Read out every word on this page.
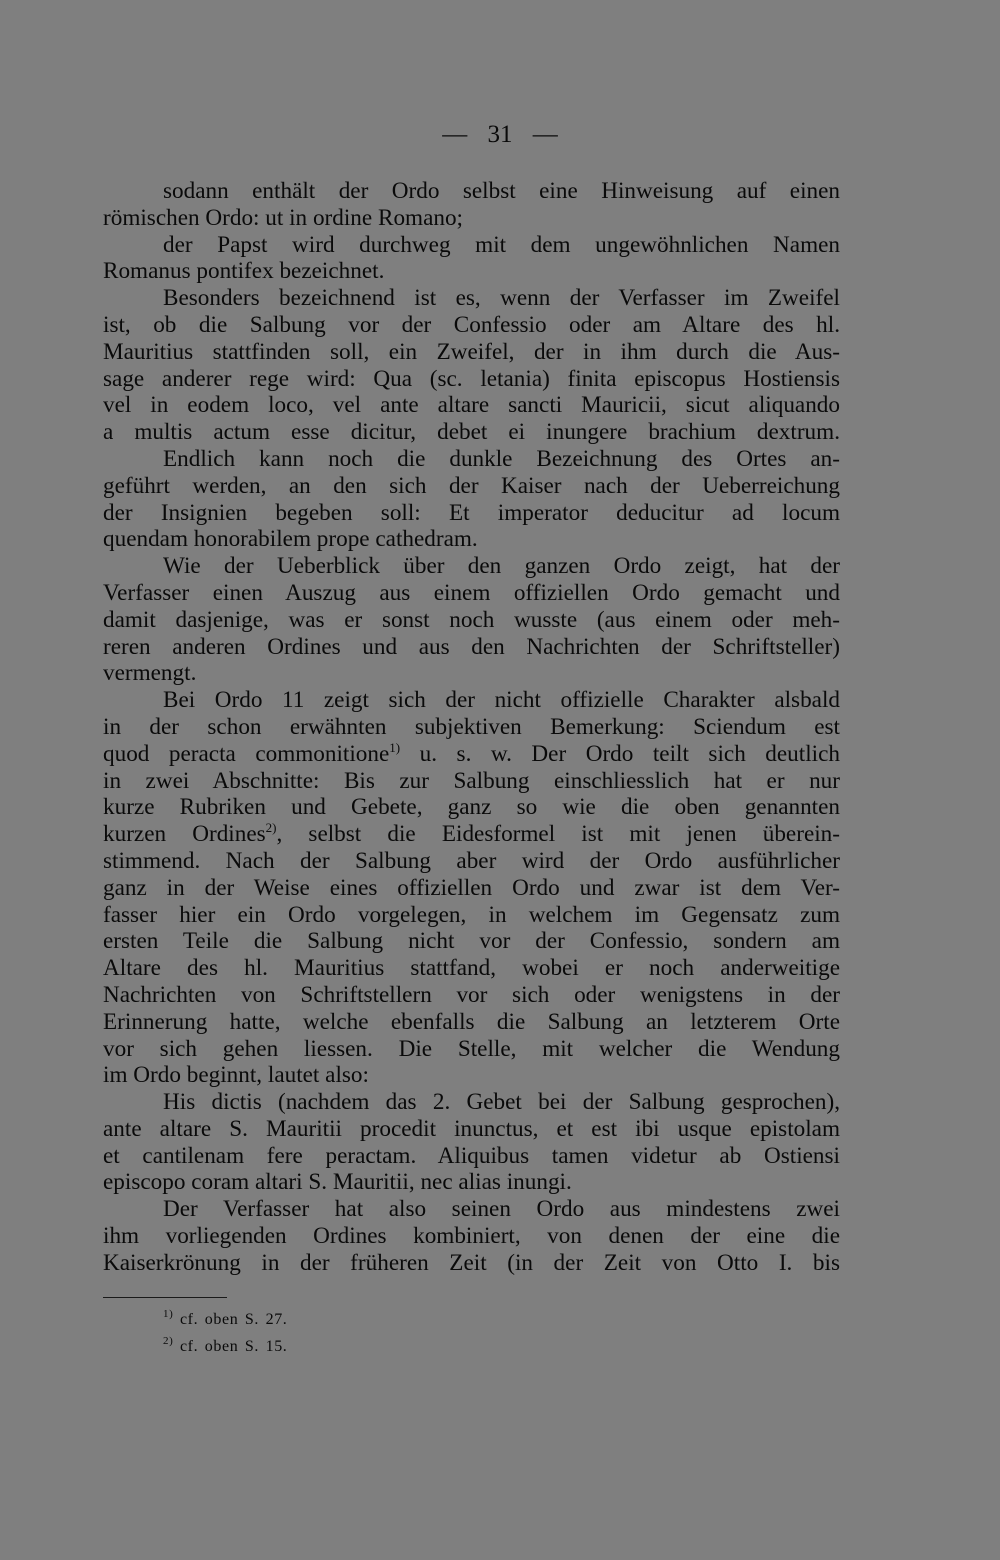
— 31 —
sodann enthält der Ordo selbst eine Hinweisung auf einen
römischen Ordo: ut in ordine Romano;
der Papst wird durchweg mit dem ungewöhnlichen Namen
Romanus pontifex bezeichnet.
Besonders bezeichnend ist es, wenn der Verfasser im Zweifel
ist, ob die Salbung vor der Confessio oder am Altare des hl.
Mauritius stattfinden soll, ein Zweifel, der in ihm durch die Aus-
sage anderer rege wird: Qua (sc. letania) finita episcopus Hostiensis
vel in eodem loco, vel ante altare sancti Mauricii, sicut aliquando
a multis actum esse dicitur, debet ei inungere brachium dextrum.
Endlich kann noch die dunkle Bezeichnung des Ortes an-
geführt werden, an den sich der Kaiser nach der Ueberreichung
der Insignien begeben soll: Et imperator deducitur ad locum
quendam honorabilem prope cathedram.
Wie der Ueberblick über den ganzen Ordo zeigt, hat der
Verfasser einen Auszug aus einem offiziellen Ordo gemacht und
damit dasjenige, was er sonst noch wusste (aus einem oder meh-
reren anderen Ordines und aus den Nachrichten der Schriftsteller)
vermengt.
Bei Ordo 11 zeigt sich der nicht offizielle Charakter alsbald
in der schon erwähnten subjektiven Bemerkung: Sciendum est
quod peracta commonitione$^{1)}$ u. s. w. Der Ordo teilt sich deutlich
in zwei Abschnitte: Bis zur Salbung einschliesslich hat er nur
kurze Rubriken und Gebete, ganz so wie die oben genannten
kurzen Ordines$^{2)}$, selbst die Eidesformel ist mit jenen überein-
stimmend. Nach der Salbung aber wird der Ordo ausführlicher
ganz in der Weise eines offiziellen Ordo und zwar ist dem Ver-
fasser hier ein Ordo vorgelegen, in welchem im Gegensatz zum
ersten Teile die Salbung nicht vor der Confessio, sondern am
Altare des hl. Mauritius stattfand, wobei er noch anderweitige
Nachrichten von Schriftstellern vor sich oder wenigstens in der
Erinnerung hatte, welche ebenfalls die Salbung an letzterem Orte
vor sich gehen liessen. Die Stelle, mit welcher die Wendung
im Ordo beginnt, lautet also:
His dictis (nachdem das 2. Gebet bei der Salbung gesprochen),
ante altare S. Mauritii procedit inunctus, et est ibi usque epistolam
et cantilenam fere peractam. Aliquibus tamen videtur ab Ostiensi
episcopo coram altari S. Mauritii, nec alias inungi.
Der Verfasser hat also seinen Ordo aus mindestens zwei
ihm vorliegenden Ordines kombiniert, von denen der eine die
Kaiserkrönung in der früheren Zeit (in der Zeit von Otto I. bis
$^{1)}$ cf. oben S. 27.
$^{2)}$ cf. oben S. 15.
